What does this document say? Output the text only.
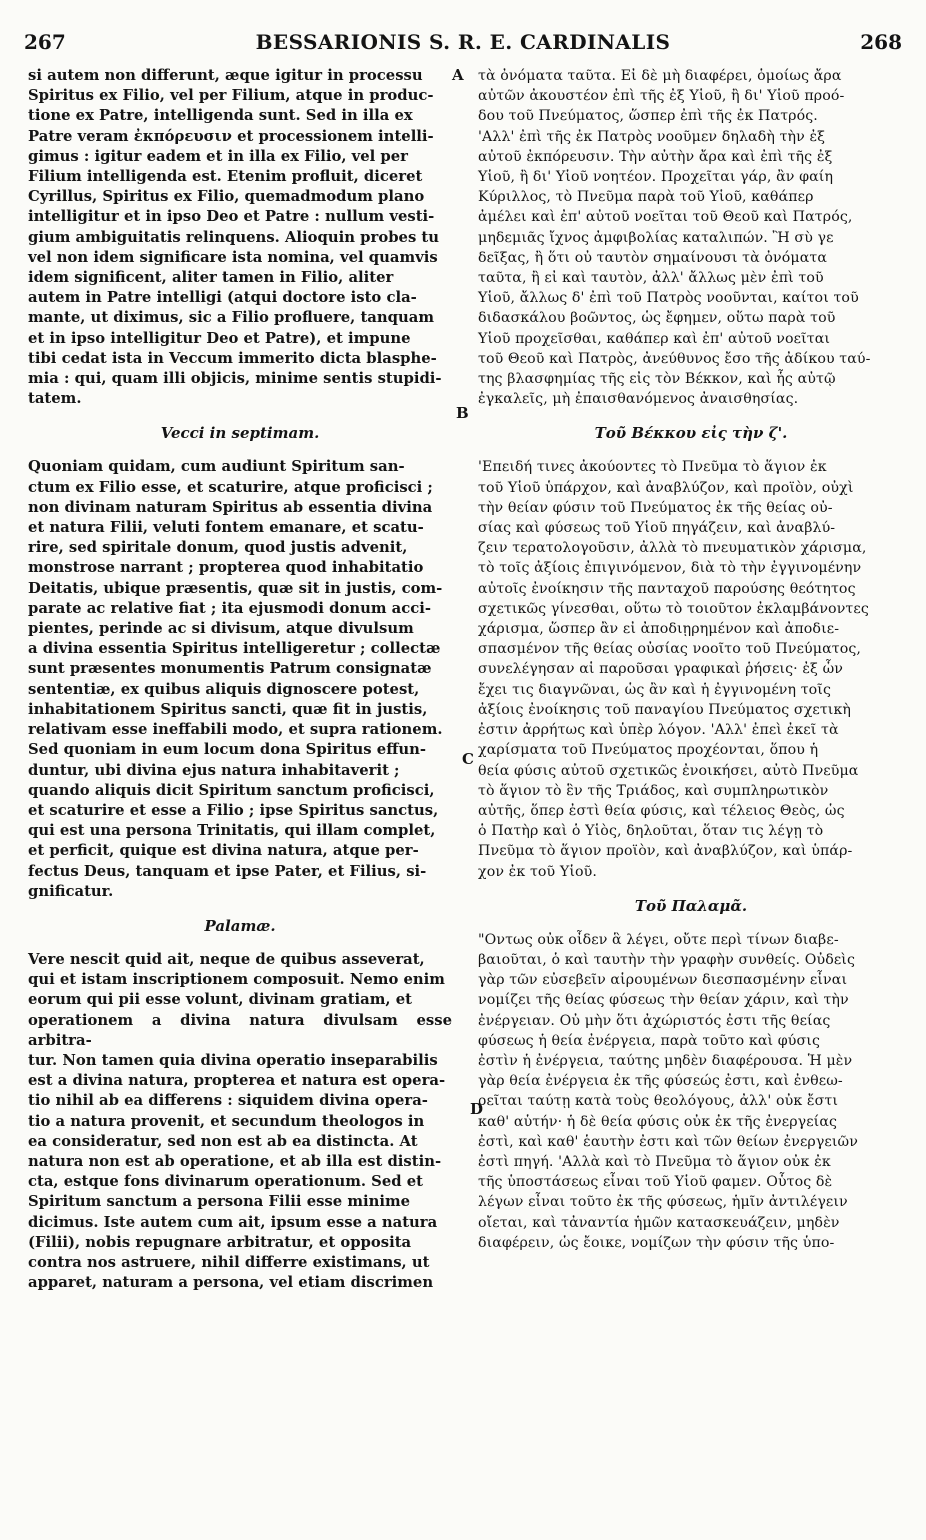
267	BESSARIONIS S. R. E. CARDINALIS	268

si autem non differunt, æque igitur in processu
Spiritus ex Filio, vel per Filium, atque in produc-
tione ex Patre, intelligenda sunt. Sed in illa ex
Patre veram ἐκπόρευσιν et processionem intelli-
gimus : igitur eadem et in illa ex Filio, vel per
Filium intelligenda est. Etenim profluit, diceret
Cyrillus, Spiritus ex Filio, quemadmodum plano
intelligitur et in ipso Deo et Patre : nullum vesti-
gium ambiguitatis relinquens. Alioquin probes tu
vel non idem significare ista nomina, vel quamvis
idem significent, aliter tamen in Filio, aliter
autem in Patre intelligi (atqui doctore isto cla-
mante, ut diximus, sic a Filio profluere, tanquam
et in ipso intelligitur Deo et Patre), et impune
tibi cedat ista in Veccum immerito dicta blasphe-
mia : qui, quam illi objicis, minime sentis stupidi-
tatem.

Vecci in septimam.

Quoniam quidam, cum audiunt Spiritum san-
ctum ex Filio esse, et scaturire, atque proficisci ;
non divinam naturam Spiritus ab essentia divina
et natura Filii, veluti fontem emanare, et scatu-
rire, sed spiritale donum, quod justis advenit,
monstrose narrant ; propterea quod inhabitatio
Deitatis, ubique præsentis, quæ sit in justis, com-
parate ac relative fiat ; ita ejusmodi donum acci-
pientes, perinde ac si divisum, atque divulsum
a divina essentia Spiritus intelligeretur ; collectæ
sunt præsentes monumentis Patrum consignatæ
sententiæ, ex quibus aliquis dignoscere potest,
inhabitationem Spiritus sancti, quæ fit in justis,
relativam esse ineffabili modo, et supra rationem.
Sed quoniam in eum locum dona Spiritus effun-
duntur, ubi divina ejus natura inhabitaverit ;
quando aliquis dicit Spiritum sanctum proficisci,
et scaturire et esse a Filio ; ipse Spiritus sanctus,
qui est una persona Trinitatis, qui illam complet,
et perficit, quique est divina natura, atque per-
fectus Deus, tanquam et ipse Pater, et Filius, si-
gnificatur.

Palamæ.

Vere nescit quid ait, neque de quibus asseverat,
qui et istam inscriptionem composuit. Nemo enim
eorum qui pii esse volunt, divinam gratiam, et
operationem a divina natura divulsam esse arbitra-
tur. Non tamen quia divina operatio inseparabilis
est a divina natura, propterea et natura est opera-
tio nihil ab ea differens : siquidem divina opera-
tio a natura provenit, et secundum theologos in
ea consideratur, sed non est ab ea distincta. At
natura non est ab operatione, et ab illa est distin-
cta, estque fons divinarum operationum. Sed et
Spiritum sanctum a persona Filii esse minime
dicimus. Iste autem cum ait, ipsum esse a natura
(Filii), nobis repugnare arbitratur, et opposita
contra nos astruere, nihil differre existimans, ut
apparet, naturam a persona, vel etiam discrimen

A
B
C
D

τὰ ὀνόματα ταῦτα. Εἰ δὲ μὴ διαφέρει, ὁμοίως ἄρα
αὐτῶν ἀκουστέον ἐπὶ τῆς ἐξ Υἱοῦ, ἢ δι' Υἱοῦ προό-
δου τοῦ Πνεύματος, ὥσπερ ἐπὶ τῆς ἐκ Πατρός.
'Αλλ' ἐπὶ τῆς ἐκ Πατρὸς νοοῦμεν δηλαδὴ τὴν ἐξ
αὐτοῦ ἐκπόρευσιν. Τὴν αὐτὴν ἄρα καὶ ἐπὶ τῆς ἐξ
Υἱοῦ, ἢ δι' Υἱοῦ νοητέον. Προχεῖται γάρ, ἂν φαίη
Κύριλλος, τὸ Πνεῦμα παρὰ τοῦ Υἱοῦ, καθάπερ
ἀμέλει καὶ ἐπ' αὐτοῦ νοεῖται τοῦ Θεοῦ καὶ Πατρός,
μηδεμιᾶς ἴχνος ἀμφιβολίας καταλιπών. Ἢ σὺ γε
δεῖξας, ἢ ὅτι οὐ ταυτὸν σημαίνουσι τὰ ὀνόματα
ταῦτα, ἢ εἰ καὶ ταυτὸν, ἀλλ' ἄλλως μὲν ἐπὶ τοῦ
Υἱοῦ, ἄλλως δ' ἐπὶ τοῦ Πατρὸς νοοῦνται, καίτοι τοῦ
διδασκάλου βοῶντος, ὡς ἔφημεν, οὕτω παρὰ τοῦ
Υἱοῦ προχεῖσθαι, καθάπερ καὶ ἐπ' αὐτοῦ νοεῖται
τοῦ Θεοῦ καὶ Πατρὸς, ἀνεύθυνος ἔσο τῆς ἀδίκου ταύ-
της βλασφημίας τῆς εἰς τὸν Βέκκον, καὶ ἧς αὐτῷ
ἐγκαλεῖς, μὴ ἐπαισθανόμενος ἀναισθησίας.

Τοῦ Βέκκου εἰς τὴν ζ'.

'Επειδή τινες ἀκούοντες τὸ Πνεῦμα τὸ ἅγιον ἐκ
τοῦ Υἱοῦ ὑπάρχον, καὶ ἀναβλύζον, καὶ προϊὸν, οὐχὶ
τὴν θείαν φύσιν τοῦ Πνεύματος ἐκ τῆς θείας οὐ-
σίας καὶ φύσεως τοῦ Υἱοῦ πηγάζειν, καὶ ἀναβλύ-
ζειν τερατολογοῦσιν, ἀλλὰ τὸ πνευματικὸν χάρισμα,
τὸ τοῖς ἀξίοις ἐπιγινόμενον, διὰ τὸ τὴν ἐγγινομένην
αὐτοῖς ἐνοίκησιν τῆς πανταχοῦ παρούσης θεότητος
σχετικῶς γίνεσθαι, οὕτω τὸ τοιοῦτον ἐκλαμβάνοντες
χάρισμα, ὥσπερ ἂν εἰ ἀποδιῃρημένον καὶ ἀποδιε-
σπασμένον τῆς θείας οὐσίας νοοῖτο τοῦ Πνεύματος,
συνελέγησαν αἱ παροῦσαι γραφικαὶ ῥήσεις· ἐξ ὧν
ἔχει τις διαγνῶναι, ὡς ἂν καὶ ἡ ἐγγινομένη τοῖς
ἀξίοις ἐνοίκησις τοῦ παναγίου Πνεύματος σχετικὴ
ἐστιν ἀρρήτως καὶ ὑπὲρ λόγον. 'Αλλ' ἐπεὶ ἐκεῖ τὰ
χαρίσματα τοῦ Πνεύματος προχέονται, ὅπου ἡ
θεία φύσις αὐτοῦ σχετικῶς ἐνοικήσει, αὐτὸ Πνεῦμα
τὸ ἅγιον τὸ ἓν τῆς Τριάδος, καὶ συμπληρωτικὸν
αὐτῆς, ὅπερ ἐστὶ θεία φύσις, καὶ τέλειος Θεὸς, ὡς
ὁ Πατὴρ καὶ ὁ Υἱὸς, δηλοῦται, ὅταν τις λέγῃ τὸ
Πνεῦμα τὸ ἅγιον προϊὸν, καὶ ἀναβλύζον, καὶ ὑπάρ-
χον ἐκ τοῦ Υἱοῦ.

Τοῦ Παλαμᾶ.

"Οντως οὐκ οἶδεν ἃ λέγει, οὔτε περὶ τίνων διαβε-
βαιοῦται, ὁ καὶ ταυτὴν τὴν γραφὴν συνθείς. Οὐδεὶς
γὰρ τῶν εὐσεβεῖν αἱρουμένων διεσπασμένην εἶναι
νομίζει τῆς θείας φύσεως τὴν θείαν χάριν, καὶ τὴν
ἐνέργειαν. Οὐ μὴν ὅτι ἀχώριστός ἐστι τῆς θείας
φύσεως ἡ θεία ἐνέργεια, παρὰ τοῦτο καὶ φύσις
ἐστὶν ἡ ἐνέργεια, ταύτης μηδὲν διαφέρουσα. Ἡ μὲν
γὰρ θεία ἐνέργεια ἐκ τῆς φύσεώς ἐστι, καὶ ἐνθεω-
ρεῖται ταύτῃ κατὰ τοὺς θεολόγους, ἀλλ' οὐκ ἔστι
καθ' αὑτήν· ἡ δὲ θεία φύσις οὐκ ἐκ τῆς ἐνεργείας
ἐστὶ, καὶ καθ' ἑαυτὴν ἐστι καὶ τῶν θείων ἐνεργειῶν
ἐστὶ πηγή. 'Αλλὰ καὶ τὸ Πνεῦμα τὸ ἅγιον οὐκ ἐκ
τῆς ὑποστάσεως εἶναι τοῦ Υἱοῦ φαμεν. Οὗτος δὲ
λέγων εἶναι τοῦτο ἐκ τῆς φύσεως, ἡμῖν ἀντιλέγειν
οἴεται, καὶ τἀναντία ἡμῶν κατασκευάζειν, μηδὲν
διαφέρειν, ὡς ἔοικε, νομίζων τὴν φύσιν τῆς ὑπο-
